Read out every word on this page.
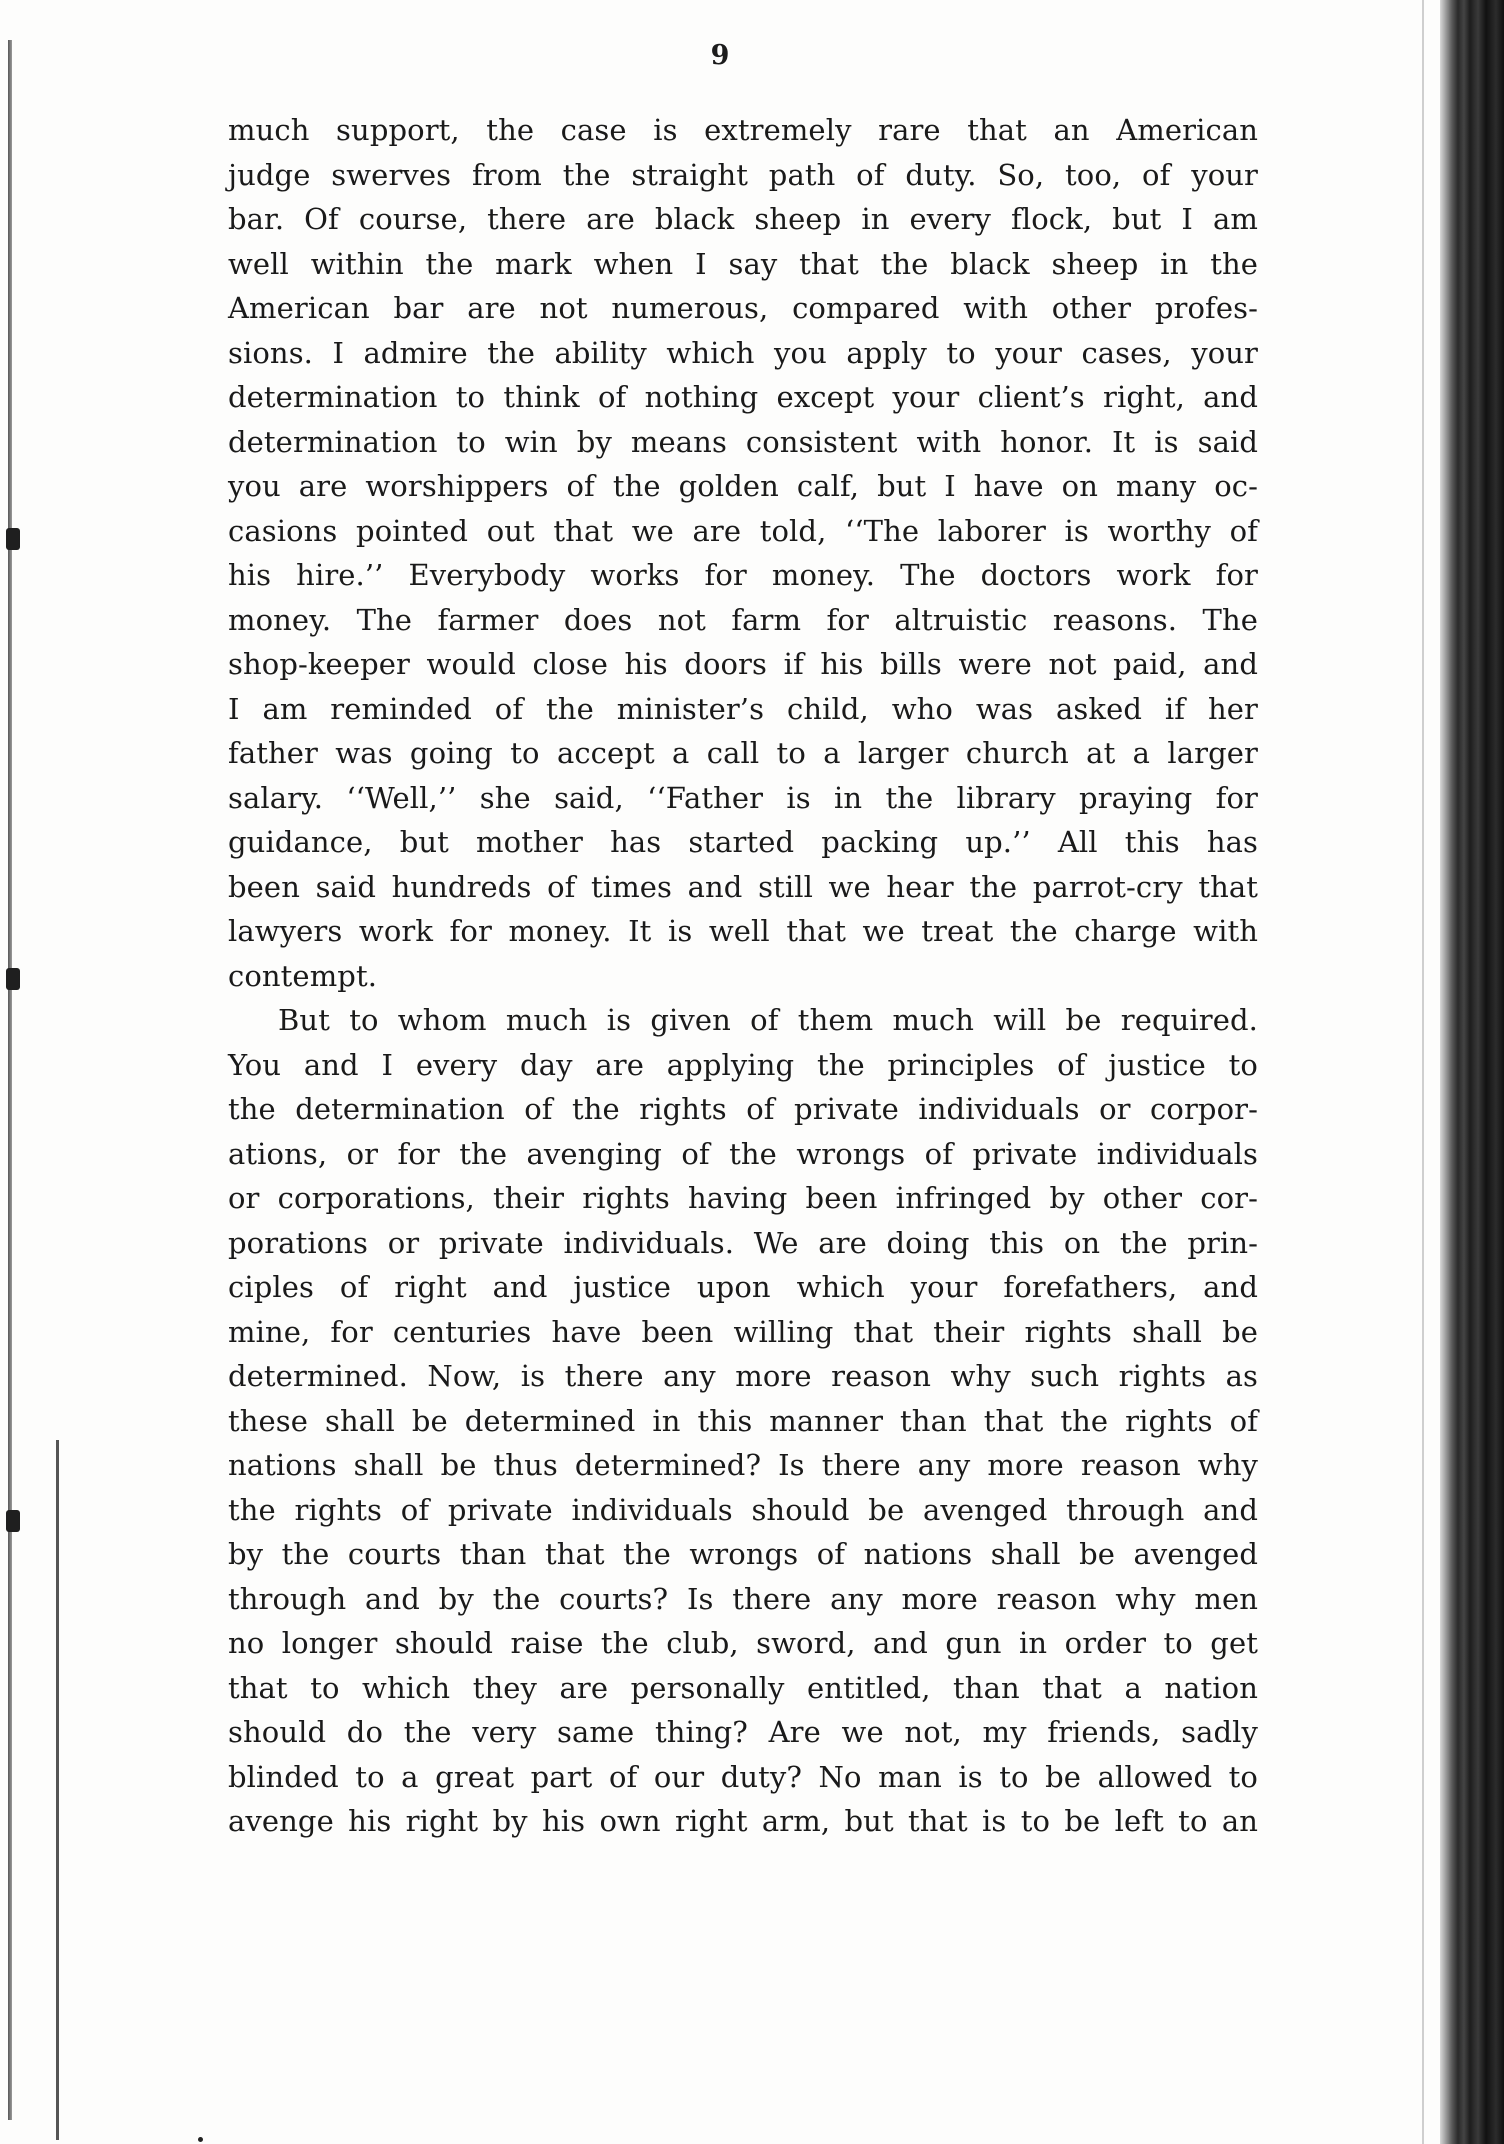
9
much support, the case is extremely rare that an American
judge swerves from the straight path of duty. So, too, of your
bar. Of course, there are black sheep in every flock, but I am
well within the mark when I say that the black sheep in the
American bar are not numerous, compared with other profes-
sions. I admire the ability which you apply to your cases, your
determination to think of nothing except your client’s right, and
determination to win by means consistent with honor. It is said
you are worshippers of the golden calf, but I have on many oc-
casions pointed out that we are told, ‘‘The laborer is worthy of
his hire.’’ Everybody works for money. The doctors work for
money. The farmer does not farm for altruistic reasons. The
shop-keeper would close his doors if his bills were not paid, and
I am reminded of the minister’s child, who was asked if her
father was going to accept a call to a larger church at a larger
salary. ‘‘Well,’’ she said, ‘‘Father is in the library praying for
guidance, but mother has started packing up.’’ All this has
been said hundreds of times and still we hear the parrot-cry that
lawyers work for money. It is well that we treat the charge with
contempt.
But to whom much is given of them much will be required.
You and I every day are applying the principles of justice to
the determination of the rights of private individuals or corpor-
ations, or for the avenging of the wrongs of private individuals
or corporations, their rights having been infringed by other cor-
porations or private individuals. We are doing this on the prin-
ciples of right and justice upon which your forefathers, and
mine, for centuries have been willing that their rights shall be
determined. Now, is there any more reason why such rights as
these shall be determined in this manner than that the rights of
nations shall be thus determined? Is there any more reason why
the rights of private individuals should be avenged through and
by the courts than that the wrongs of nations shall be avenged
through and by the courts? Is there any more reason why men
no longer should raise the club, sword, and gun in order to get
that to which they are personally entitled, than that a nation
should do the very same thing? Are we not, my friends, sadly
blinded to a great part of our duty? No man is to be allowed to
avenge his right by his own right arm, but that is to be left to an
